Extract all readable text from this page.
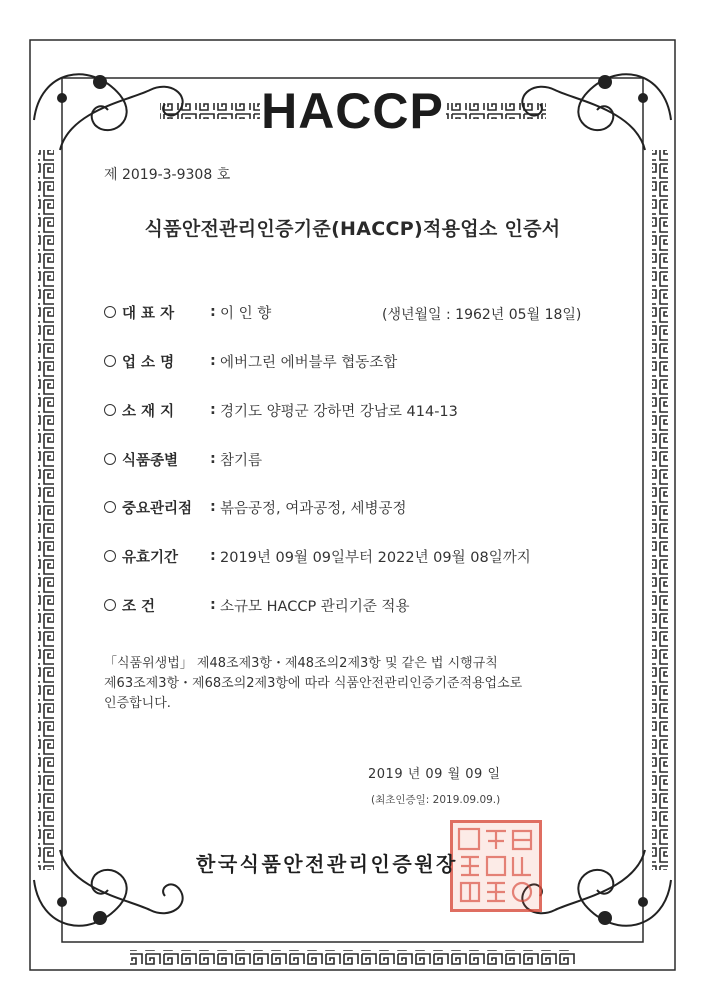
HACCP
제 2019-3-9308 호
식품안전관리인증기준(HACCP)적용업소 인증서
대 표 자	: 이 인 향	(생년월일 : 1962년 05월 18일)
업 소 명	: 에버그린 에버블루 협동조합
소 재 지	: 경기도 양평군 강하면 강남로 414-13
식품종별	: 참기름
중요관리점	: 볶음공정, 여과공정, 세병공정
유효기간	: 2019년 09월 09일부터 2022년 09월 08일까지
조 건	: 소규모 HACCP 관리기준 적용
「식품위생법」 제48조제3항・제48조의2제3항 및 같은 법 시행규칙
제63조제3항・제68조의2제3항에 따라 식품안전관리인증기준적용업소로
인증합니다.
2019 년 09 월 09 일
(최초인증일: 2019.09.09.)
한국식품안전관리인증원장
